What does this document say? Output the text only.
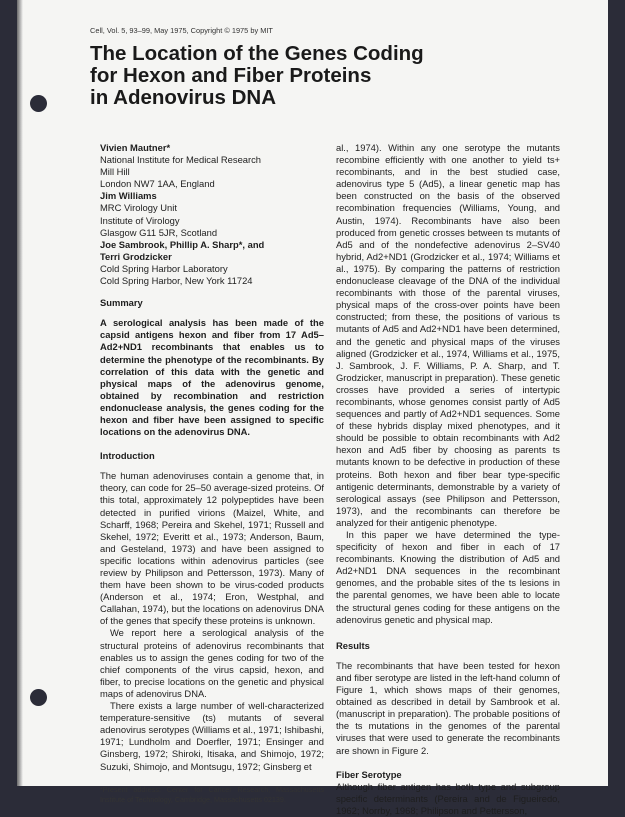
Cell, Vol. 5, 93–99, May 1975, Copyright © 1975 by MIT
The Location of the Genes Coding
for Hexon and Fiber Proteins
in Adenovirus DNA
Vivien Mautner*
National Institute for Medical Research
Mill Hill
London NW7 1AA, England
Jim Williams
MRC Virology Unit
Institute of Virology
Glasgow G11 5JR, Scotland
Joe Sambrook, Phillip A. Sharp*, and
Terri Grodzicker
Cold Spring Harbor Laboratory
Cold Spring Harbor, New York 11724
Summary

A serological analysis has been made of the capsid antigens hexon and fiber from 17 Ad5–Ad2+ND1 recombinants that enables us to determine the phenotype of the recombinants. By correlation of this data with the genetic and physical maps of the adenovirus genome, obtained by recombination and restriction endonuclease analysis, the genes coding for the hexon and fiber have been assigned to specific locations on the adenovirus DNA.

Introduction

The human adenoviruses contain a genome that, in theory, can code for 25–50 average-sized proteins. Of this total, approximately 12 polypeptides have been detected in purified virions (Maizel, White, and Scharff, 1968; Pereira and Skehel, 1971; Russell and Skehel, 1972; Everitt et al., 1973; Anderson, Baum, and Gesteland, 1973) and have been assigned to specific locations within adenovirus particles (see review by Philipson and Pettersson, 1973). Many of them have been shown to be virus-coded products (Anderson et al., 1974; Eron, Westphal, and Callahan, 1974), but the locations on adenovirus DNA of the genes that specify these proteins is unknown.

We report here a serological analysis of the structural proteins of adenovirus recombinants that enables us to assign the genes coding for two of the chief components of the virus capsid, hexon, and fiber, to precise locations on the genetic and physical maps of adenovirus DNA.

There exists a large number of well-characterized temperature-sensitive (ts) mutants of several adenovirus serotypes (Williams et al., 1971; Ishibashi, 1971; Lundholm and Doerfler, 1971; Ensinger and Ginsberg, 1972; Shiroki, Itisaka, and Shimojo, 1972; Suzuki, Shimojo, and Montsugu, 1972; Ginsberg et

*Present address: Center for Cancer Research, Massachusetts Institute of Technology, Cambridge, Massachusetts 02139.

al., 1974). Within any one serotype the mutants recombine efficiently with one another to yield ts+ recombinants, and in the best studied case, adenovirus type 5 (Ad5), a linear genetic map has been constructed on the basis of the observed recombination frequencies (Williams, Young, and Austin, 1974). Recombinants have also been produced from genetic crosses between ts mutants of Ad5 and of the nondefective adenovirus 2–SV40 hybrid, Ad2+ND1 (Grodzicker et al., 1974; Williams et al., 1975). By comparing the patterns of restriction endonuclease cleavage of the DNA of the individual recombinants with those of the parental viruses, physical maps of the cross-over points have been constructed; from these, the positions of various ts mutants of Ad5 and Ad2+ND1 have been determined, and the genetic and physical maps of the viruses aligned (Grodzicker et al., 1974, Williams et al., 1975, J. Sambrook, J. F. Williams, P. A. Sharp, and T. Grodzicker, manuscript in preparation). These genetic crosses have provided a series of intertypic recombinants, whose genomes consist partly of Ad5 sequences and partly of Ad2+ND1 sequences. Some of these hybrids display mixed phenotypes, and it should be possible to obtain recombinants with Ad2 hexon and Ad5 fiber by choosing as parents ts mutants known to be defective in production of these proteins. Both hexon and fiber bear type-specific antigenic determinants, demonstrable by a variety of serological assays (see Philipson and Pettersson, 1973), and the recombinants can therefore be analyzed for their antigenic phenotype.

In this paper we have determined the type-specificity of hexon and fiber in each of 17 recombinants. Knowing the distribution of Ad5 and Ad2+ND1 DNA sequences in the recombinant genomes, and the probable sites of the ts lesions in the parental genomes, we have been able to locate the structural genes coding for these antigens on the adenovirus genetic and physical map.

Results

The recombinants that have been tested for hexon and fiber serotype are listed in the left-hand column of Figure 1, which shows maps of their genomes, obtained as described in detail by Sambrook et al. (manuscript in preparation). The probable positions of the ts mutations in the genomes of the parental viruses that were used to generate the recombinants are shown in Figure 2.

Fiber Serotype

Although fiber antigen has both type and subgroup specific determinants (Pereira and de Figueiredo, 1962; Norrby, 1968; Philipson and Pettersson,
